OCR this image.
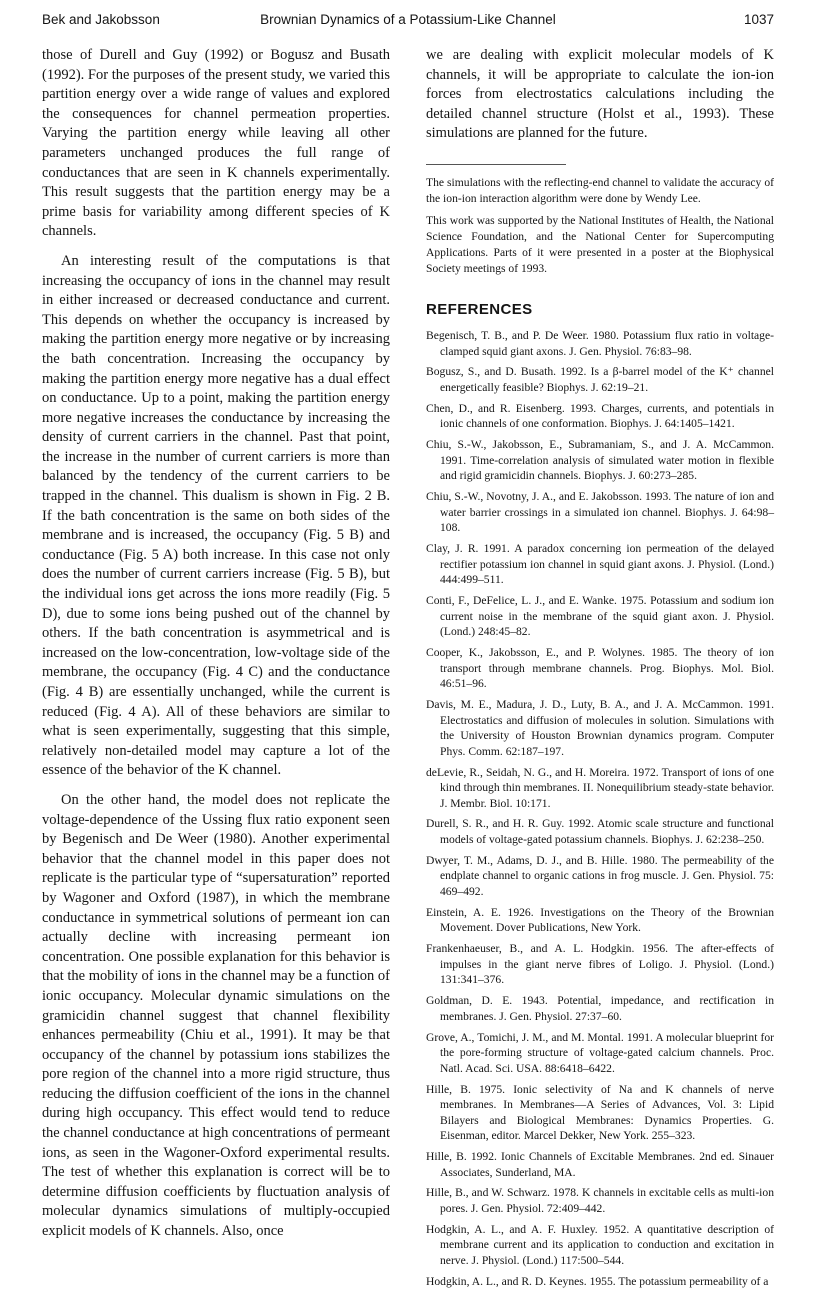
Bek and Jakobsson	Brownian Dynamics of a Potassium-Like Channel	1037

those of Durell and Guy (1992) or Bogusz and Busath (1992). For the purposes of the present study, we varied this partition energy over a wide range of values and explored the consequences for channel permeation properties. Varying the partition energy while leaving all other parameters unchanged produces the full range of conductances that are seen in K channels experimentally. This result suggests that the partition energy may be a prime basis for variability among different species of K channels.

An interesting result of the computations is that increasing the occupancy of ions in the channel may result in either increased or decreased conductance and current. This depends on whether the occupancy is increased by making the partition energy more negative or by increasing the bath concentration. Increasing the occupancy by making the partition energy more negative has a dual effect on conductance. Up to a point, making the partition energy more negative increases the conductance by increasing the density of current carriers in the channel. Past that point, the increase in the number of current carriers is more than balanced by the tendency of the current carriers to be trapped in the channel. This dualism is shown in Fig. 2 B. If the bath concentration is the same on both sides of the membrane and is increased, the occupancy (Fig. 5 B) and conductance (Fig. 5 A) both increase. In this case not only does the number of current carriers increase (Fig. 5 B), but the individual ions get across the ions more readily (Fig. 5 D), due to some ions being pushed out of the channel by others. If the bath concentration is asymmetrical and is increased on the low-concentration, low-voltage side of the membrane, the occupancy (Fig. 4 C) and the conductance (Fig. 4 B) are essentially unchanged, while the current is reduced (Fig. 4 A). All of these behaviors are similar to what is seen experimentally, suggesting that this simple, relatively non-detailed model may capture a lot of the essence of the behavior of the K channel.

On the other hand, the model does not replicate the voltage-dependence of the Ussing flux ratio exponent seen by Begenisch and De Weer (1980). Another experimental behavior that the channel model in this paper does not replicate is the particular type of “supersaturation” reported by Wagoner and Oxford (1987), in which the membrane conductance in symmetrical solutions of permeant ion can actually decline with increasing permeant ion concentration. One possible explanation for this behavior is that the mobility of ions in the channel may be a function of ionic occupancy. Molecular dynamic simulations on the gramicidin channel suggest that channel flexibility enhances permeability (Chiu et al., 1991). It may be that occupancy of the channel by potassium ions stabilizes the pore region of the channel into a more rigid structure, thus reducing the diffusion coefficient of the ions in the channel during high occupancy. This effect would tend to reduce the channel conductance at high concentrations of permeant ions, as seen in the Wagoner-Oxford experimental results. The test of whether this explanation is correct will be to determine diffusion coefficients by fluctuation analysis of molecular dynamics simulations of multiply-occupied explicit models of K channels. Also, once

we are dealing with explicit molecular models of K channels, it will be appropriate to calculate the ion-ion forces from electrostatics calculations including the detailed channel structure (Holst et al., 1993). These simulations are planned for the future.

The simulations with the reflecting-end channel to validate the accuracy of the ion-ion interaction algorithm were done by Wendy Lee.

This work was supported by the National Institutes of Health, the National Science Foundation, and the National Center for Supercomputing Applications. Parts of it were presented in a poster at the Biophysical Society meetings of 1993.

REFERENCES

Begenisch, T. B., and P. De Weer. 1980. Potassium flux ratio in voltage-clamped squid giant axons. J. Gen. Physiol. 76:83–98.

Bogusz, S., and D. Busath. 1992. Is a β-barrel model of the K⁺ channel energetically feasible? Biophys. J. 62:19–21.

Chen, D., and R. Eisenberg. 1993. Charges, currents, and potentials in ionic channels of one conformation. Biophys. J. 64:1405–1421.

Chiu, S.-W., Jakobsson, E., Subramaniam, S., and J. A. McCammon. 1991. Time-correlation analysis of simulated water motion in flexible and rigid gramicidin channels. Biophys. J. 60:273–285.

Chiu, S.-W., Novotny, J. A., and E. Jakobsson. 1993. The nature of ion and water barrier crossings in a simulated ion channel. Biophys. J. 64:98–108.

Clay, J. R. 1991. A paradox concerning ion permeation of the delayed rectifier potassium ion channel in squid giant axons. J. Physiol. (Lond.) 444:499–511.

Conti, F., DeFelice, L. J., and E. Wanke. 1975. Potassium and sodium ion current noise in the membrane of the squid giant axon. J. Physiol. (Lond.) 248:45–82.

Cooper, K., Jakobsson, E., and P. Wolynes. 1985. The theory of ion transport through membrane channels. Prog. Biophys. Mol. Biol. 46:51–96.

Davis, M. E., Madura, J. D., Luty, B. A., and J. A. McCammon. 1991. Electrostatics and diffusion of molecules in solution. Simulations with the University of Houston Brownian dynamics program. Computer Phys. Comm. 62:187–197.

deLevie, R., Seidah, N. G., and H. Moreira. 1972. Transport of ions of one kind through thin membranes. II. Nonequilibrium steady-state behavior. J. Membr. Biol. 10:171.

Durell, S. R., and H. R. Guy. 1992. Atomic scale structure and functional models of voltage-gated potassium channels. Biophys. J. 62:238–250.

Dwyer, T. M., Adams, D. J., and B. Hille. 1980. The permeability of the endplate channel to organic cations in frog muscle. J. Gen. Physiol. 75: 469–492.

Einstein, A. E. 1926. Investigations on the Theory of the Brownian Movement. Dover Publications, New York.

Frankenhaeuser, B., and A. L. Hodgkin. 1956. The after-effects of impulses in the giant nerve fibres of Loligo. J. Physiol. (Lond.) 131:341–376.

Goldman, D. E. 1943. Potential, impedance, and rectification in membranes. J. Gen. Physiol. 27:37–60.

Grove, A., Tomichi, J. M., and M. Montal. 1991. A molecular blueprint for the pore-forming structure of voltage-gated calcium channels. Proc. Natl. Acad. Sci. USA. 88:6418–6422.

Hille, B. 1975. Ionic selectivity of Na and K channels of nerve membranes. In Membranes—A Series of Advances, Vol. 3: Lipid Bilayers and Biological Membranes: Dynamics Properties. G. Eisenman, editor. Marcel Dekker, New York. 255–323.

Hille, B. 1992. Ionic Channels of Excitable Membranes. 2nd ed. Sinauer Associates, Sunderland, MA.

Hille, B., and W. Schwarz. 1978. K channels in excitable cells as multi-ion pores. J. Gen. Physiol. 72:409–442.

Hodgkin, A. L., and A. F. Huxley. 1952. A quantitative description of membrane current and its application to conduction and excitation in nerve. J. Physiol. (Lond.) 117:500–544.

Hodgkin, A. L., and R. D. Keynes. 1955. The potassium permeability of a
